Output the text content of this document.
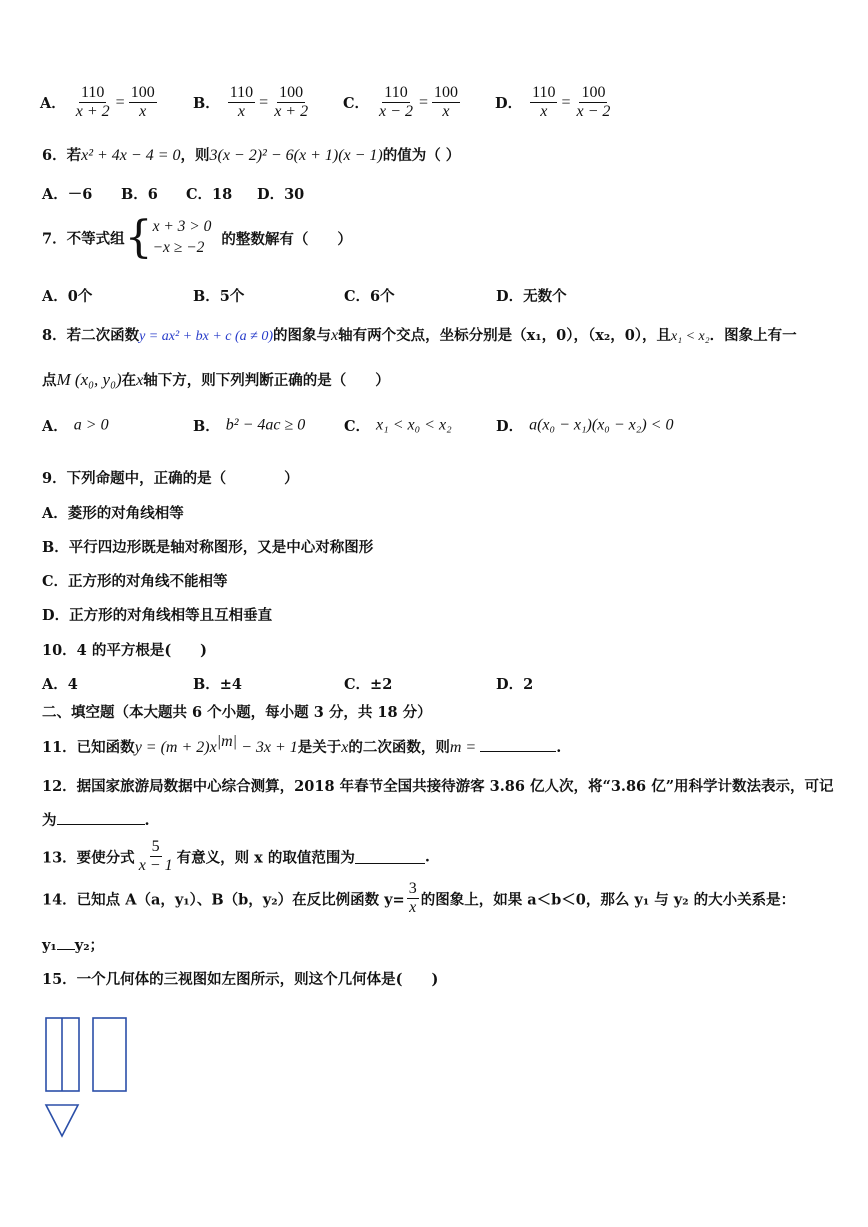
A． $\frac{110}{x + 2} = \frac{100}{x}$	B． $\frac{110}{x} = \frac{100}{x + 2}$ C． $\frac{110}{x - 2} = \frac{100}{x}$ D． $\frac{110}{x} = \frac{100}{x - 2}$
6．若x² + 4x − 4 = 0，则3(x − 2)² − 6(x + 1)(x − 1)的值为（ ）
A．－6 B．6 C．18 D．30
7．不等式组{x + 3 > 0
−x ≥ −2 的整数解有（　　）
A．0个	B．5个	C．6个	D．无数个
8．若二次函数y = ax² + bx + c (a ≠ 0)的图象与x轴有两个交点，坐标分别是（x₁，0），（x₂，0），且x₁ < x₂．图象上有一
点M (x₀, y₀)在x轴下方，则下列判断正确的是（　　）
A． a > 0	B． b² − 4ac ≥ 0	C． x₁ < x₀ < x₂	D． a(x₀ − x₁)(x₀ − x₂) < 0
9．下列命题中，正确的是（　　　　）
A．菱形的对角线相等
B．平行四边形既是轴对称图形，又是中心对称图形
C．正方形的对角线不能相等
D．正方形的对角线相等且互相垂直
10．4 的平方根是(　　)
A．4	B．±4	C．±2	D．2
二、填空题（本大题共 6 个小题，每小题 3 分，共 18 分）
11．已知函数$y = (m + 2)x^{|m|} - 3x + 1$是关于x的二次函数，则m =	.
12．据国家旅游局数据中心综合测算，2018 年春节全国共接待游客 3.86 亿人次，将“3.86 亿”用科学计数法表示，可记
为	.
13．要使分式 $\frac{5}{x - 1}$ 有意义，则 x 的取值范围为	.
14．已知点 A（a，y₁）、B（b，y₂）在反比例函数 $y= \frac{3}{x}$ 的图象上，如果 a＜b＜0，那么 y₁ 与 y₂ 的大小关系是：
y₁ y₂；
15．一个几何体的三视图如左图所示，则这个几何体是(　　)
